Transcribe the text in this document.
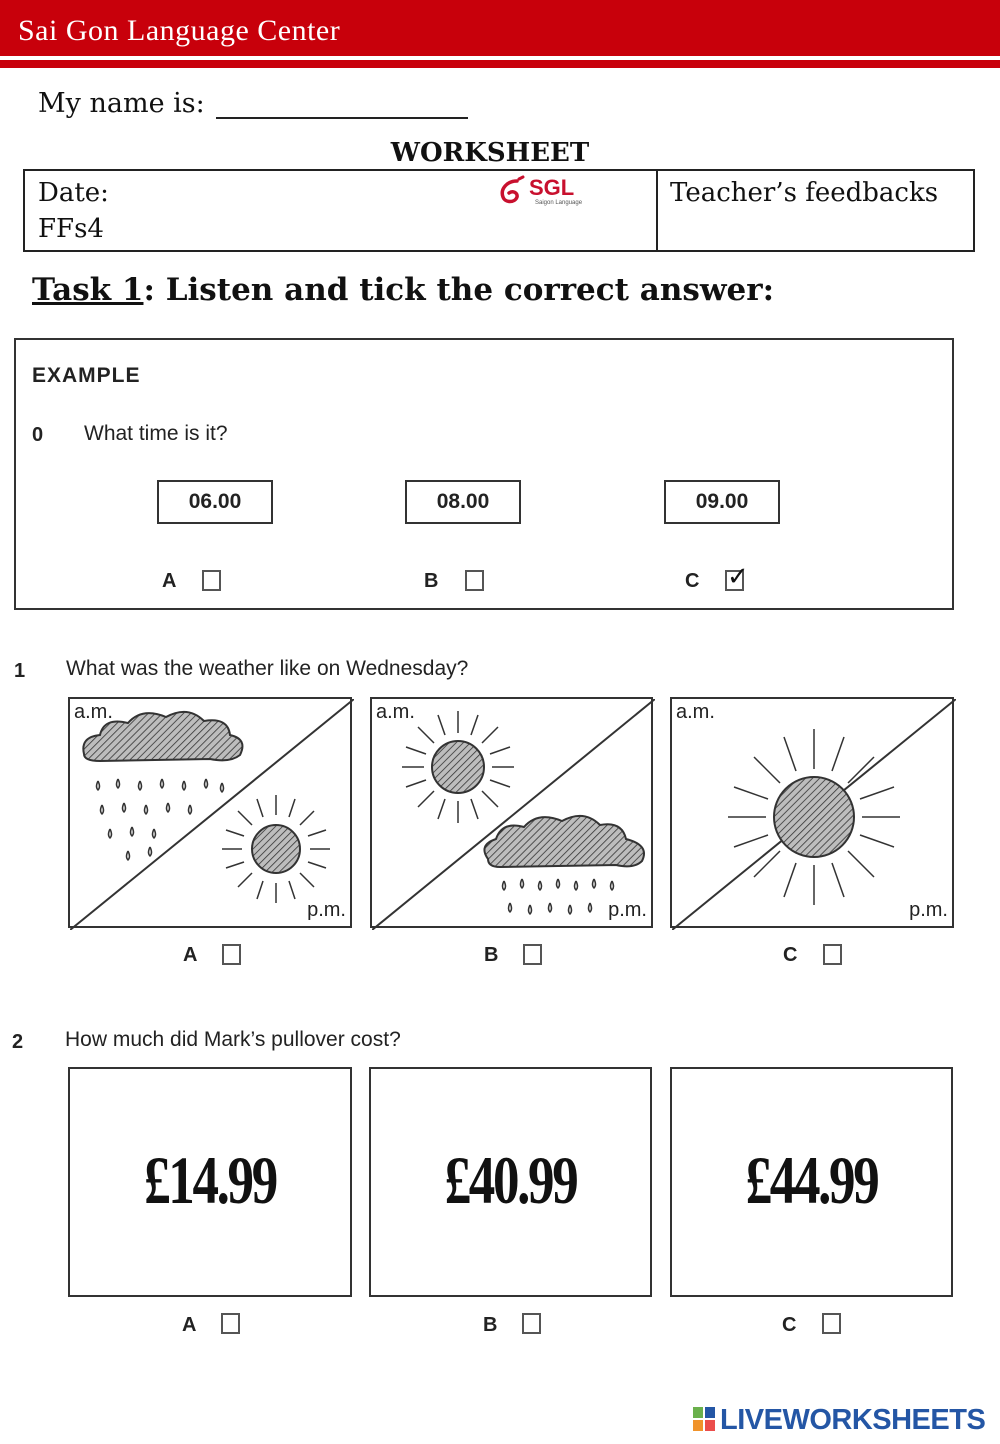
Sai Gon Language Center
My name is:
WORKSHEET
Date:
FFs4
SGL
Saigon Language	Teacher’s feedbacks
Task 1: Listen and tick the correct answer:
EXAMPLE
0 What time is it?
06.00	08.00	09.00
A	B	C ✓
1 What was the weather like on Wednesday?
a.m.
p.m.
a.m.
p.m.
a.m.
p.m.
A	B	C
2 How much did Mark’s pullover cost?
£14.99	£40.99	£44.99
A	B	C
LIVEWORKSHEETS
